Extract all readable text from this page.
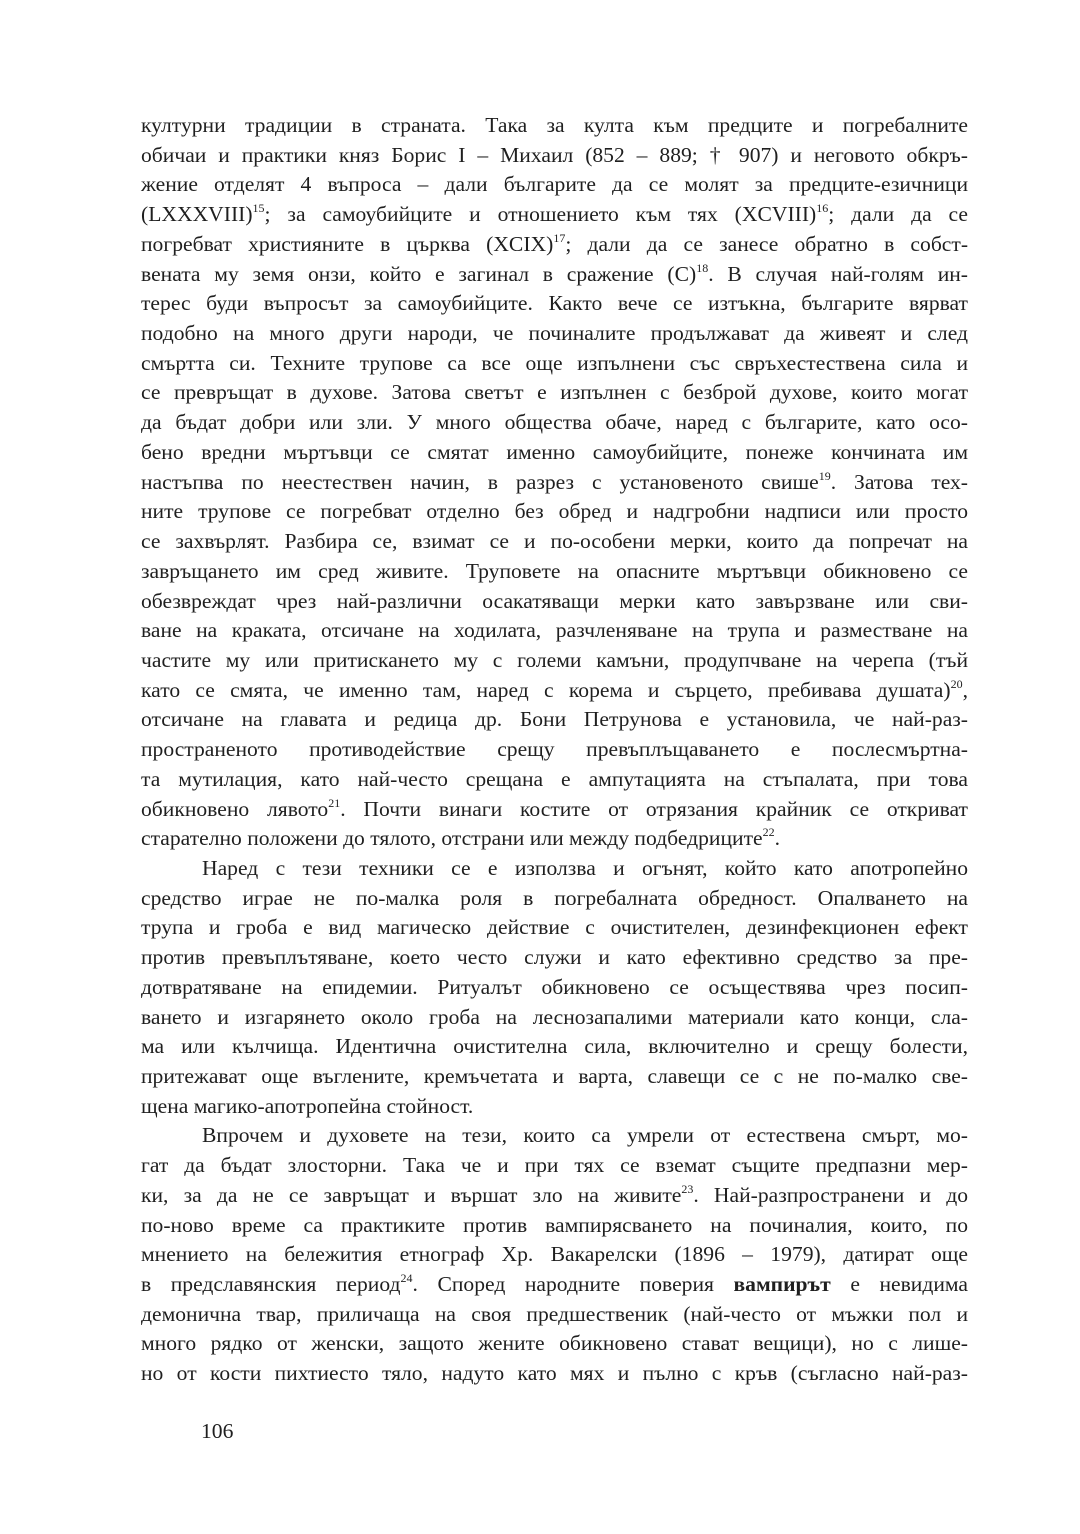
културни традиции в страната. Така за култа към предците и погребалните
обичаи и практики княз Борис І – Михаил (852 – 889; † 907) и неговото обкръ-
жение отделят 4 въпроса – дали българите да се молят за предците-езичници
(LXXXVIII)$^{15}$; за самоубийците и отношението към тях (XCVIII)$^{16}$; дали да се
погребват християните в църква (XCIX)$^{17}$; дали да се занесе обратно в собст-
вената му земя онзи, който е загинал в сражение $(C)^{18}$. В случая най-голям ин-
терес буди въпросът за самоубийците. Както вече се изтъкна, българите вярват
подобно на много други народи, че починалите продължават да живеят и след
смъртта си. Техните трупове са все още изпълнени със свръхестествена сила и
се превръщат в духове. Затова светът е изпълнен с безброй духове, които могат
да бъдат добри или зли. У много общества обаче, наред с българите, като осо-
бено вредни мъртъвци се смятат именно самоубийците, понеже кончината им
настъпва по неестествен начин, в разрез с установеното свише$^{19}$. Затова тех-
ните трупове се погребват отделно без обред и надгробни надписи или просто
се захвърлят. Разбира се, взимат се и по-особени мерки, които да попречат на
завръщането им сред живите. Труповете на опасните мъртъвци обикновено се
обезвреждат чрез най-различни осакатяващи мерки като завързване или сви-
ване на краката, отсичане на ходилата, разчленяване на трупа и разместване на
частите му или притискането му с големи камъни, продупчване на черепа (тъй
като се смята, че именно там, наред с корема и сърцето, пребивава душата)$^{20}$,
отсичане на главата и редица др. Бони Петрунова е установила, че най-раз-
пространеното противодействие срещу превъплъщаването е послесмъртна-
та мутилация, като най-често срещана е ампутацията на стъпалата, при това
обикновено лявото$^{21}$. Почти винаги костите от отрязания крайник се откриват
старателно положени до тялото, отстрани или между подбедриците$^{22}$.
Наред с тези техники се е използва и огънят, който като апотропейно
средство играе не по-малка роля в погребалната обредност. Опалването на
трупа и гроба е вид магическо действие с очистителен, дезинфекционен ефект
против превъплътяване, което често служи и като ефективно средство за пре-
дотвратяване на епидемии. Ритуалът обикновено се осъществява чрез посип-
ването и изгарянето около гроба на леснозапалими материали като конци, сла-
ма или кълчища. Идентична очистителна сила, включително и срещу болести,
притежават още въглените, кремъчетата и варта, славещи се с не по-малко све-
щена магико-апотропейна стойност.
Впрочем и духовете на тези, които са умрели от естествена смърт, мо-
гат да бъдат злосторни. Така че и при тях се вземат същите предпазни мер-
ки, за да не се завръщат и вършат зло на живите$^{23}$. Най-разпространени и до
по-ново време са практиките против вампирясването на починалия, които, по
мнението на бележития етнограф Хр. Вакарелски (1896 – 1979), датират още
в предславянския период$^{24}$. Според народните поверия вампирът е невидима
демонична твар, приличаща на своя предшественик (най-често от мъжки пол и
много рядко от женски, защото жените обикновено стават вещици), но с лише-
но от кости пихтиесто тяло, надуто като мях и пълно с кръв (съгласно най-раз-
106
